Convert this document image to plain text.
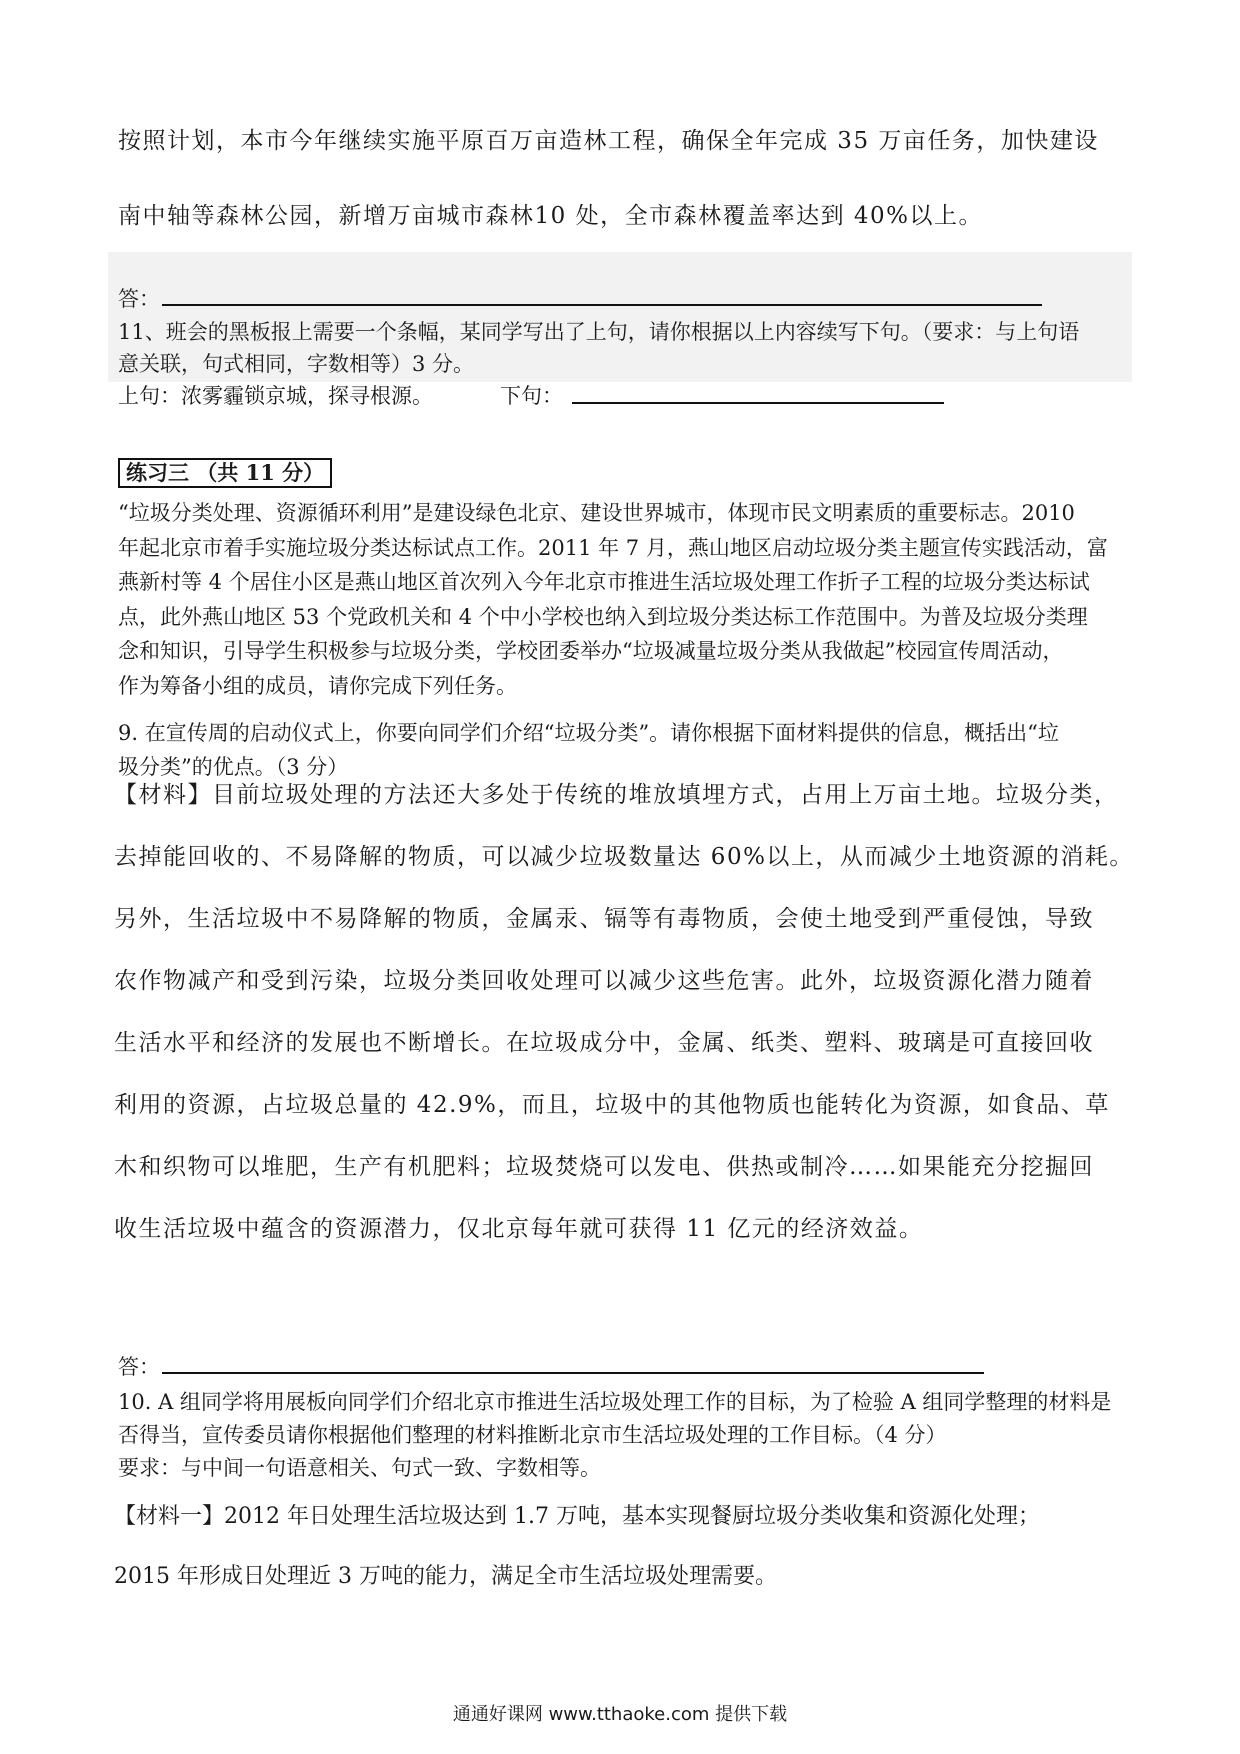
按照计划，本市今年继续实施平原百万亩造林工程，确保全年完成 35 万亩任务，加快建设
南中轴等森林公园，新增万亩城市森林10 处，全市森林覆盖率达到 40%以上。
答：
11、班会的黑板报上需要一个条幅，某同学写出了上句，请你根据以上内容续写下句。（要求：与上句语
意关联，句式相同，字数相等）3 分。
上句：浓雾霾锁京城，探寻根源。	下句：
练习三 （共 11 分）
“垃圾分类处理、资源循环利用”是建设绿色北京、建设世界城市，体现市民文明素质的重要标志。2010
年起北京市着手实施垃圾分类达标试点工作。2011 年 7 月，燕山地区启动垃圾分类主题宣传实践活动，富
燕新村等 4 个居住小区是燕山地区首次列入今年北京市推进生活垃圾处理工作折子工程的垃圾分类达标试
点，此外燕山地区 53 个党政机关和 4 个中小学校也纳入到垃圾分类达标工作范围中。为普及垃圾分类理
念和知识，引导学生积极参与垃圾分类，学校团委举办“垃圾减量垃圾分类从我做起”校园宣传周活动，
作为筹备小组的成员，请你完成下列任务。
9. 在宣传周的启动仪式上，你要向同学们介绍“垃圾分类”。请你根据下面材料提供的信息，概括出“垃
圾分类”的优点。（3 分）
【材料】目前垃圾处理的方法还大多处于传统的堆放填埋方式，占用上万亩土地。垃圾分类，
去掉能回收的、不易降解的物质，可以减少垃圾数量达 60%以上，从而减少土地资源的消耗。
另外，生活垃圾中不易降解的物质，金属汞、镉等有毒物质，会使土地受到严重侵蚀，导致
农作物减产和受到污染，垃圾分类回收处理可以减少这些危害。此外，垃圾资源化潜力随着
生活水平和经济的发展也不断增长。在垃圾成分中，金属、纸类、塑料、玻璃是可直接回收
利用的资源，占垃圾总量的 42.9%，而且，垃圾中的其他物质也能转化为资源，如食品、草
木和织物可以堆肥，生产有机肥料；垃圾焚烧可以发电、供热或制冷……如果能充分挖掘回
收生活垃圾中蕴含的资源潜力，仅北京每年就可获得 11 亿元的经济效益。
答：
10. A 组同学将用展板向同学们介绍北京市推进生活垃圾处理工作的目标，为了检验 A 组同学整理的材料是
否得当，宣传委员请你根据他们整理的材料推断北京市生活垃圾处理的工作目标。（4 分）
要求：与中间一句语意相关、句式一致、字数相等。
【材料一】2012 年日处理生活垃圾达到 1.7 万吨，基本实现餐厨垃圾分类收集和资源化处理；
2015 年形成日处理近 3 万吨的能力，满足全市生活垃圾处理需要。
通通好课网 www.tthaoke.com 提供下载
